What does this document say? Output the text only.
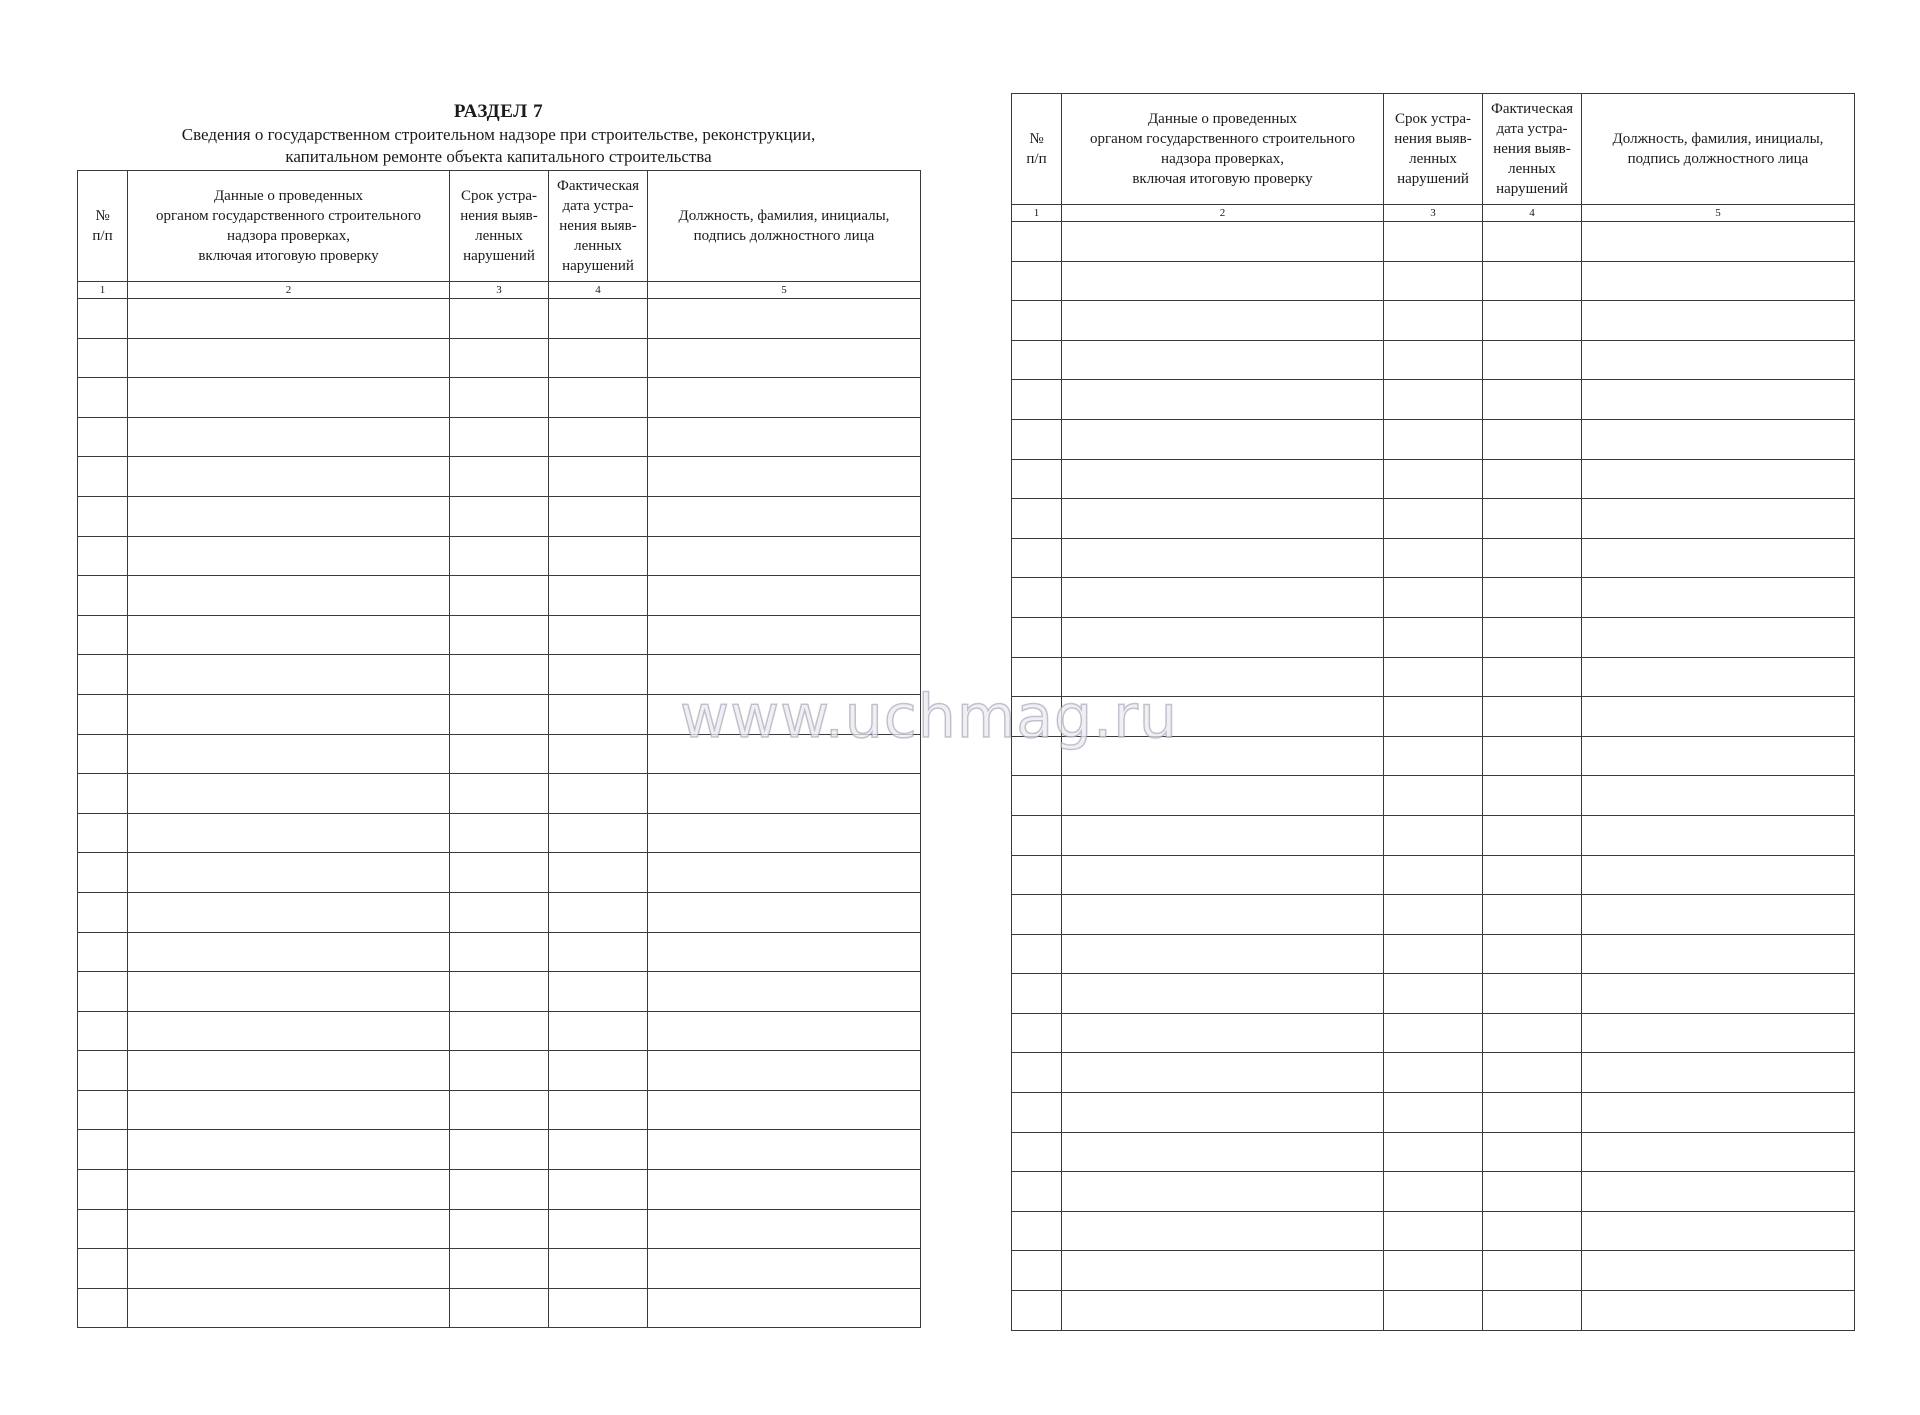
РАЗДЕЛ 7
Сведения о государственном строительном надзоре при строительстве, реконструкции,
капитальном ремонте объекта капитального строительства
№
п/п	Данные о проведенных
органом государственного строительного
надзора проверках,
включая итоговую проверку	Срок устра-
нения выяв-
ленных
нарушений	Фактическая
дата устра-
нения выяв-
ленных
нарушений	Должность, фамилия, инициалы,
подпись должностного лица
1	2	3	4	5

№
п/п	Данные о проведенных
органом государственного строительного
надзора проверках,
включая итоговую проверку	Срок устра-
нения выяв-
ленных
нарушений	Фактическая
дата устра-
нения выяв-
ленных
нарушений	Должность, фамилия, инициалы,
подпись должностного лица
1	2	3	4	5

www.uchmag.ru
